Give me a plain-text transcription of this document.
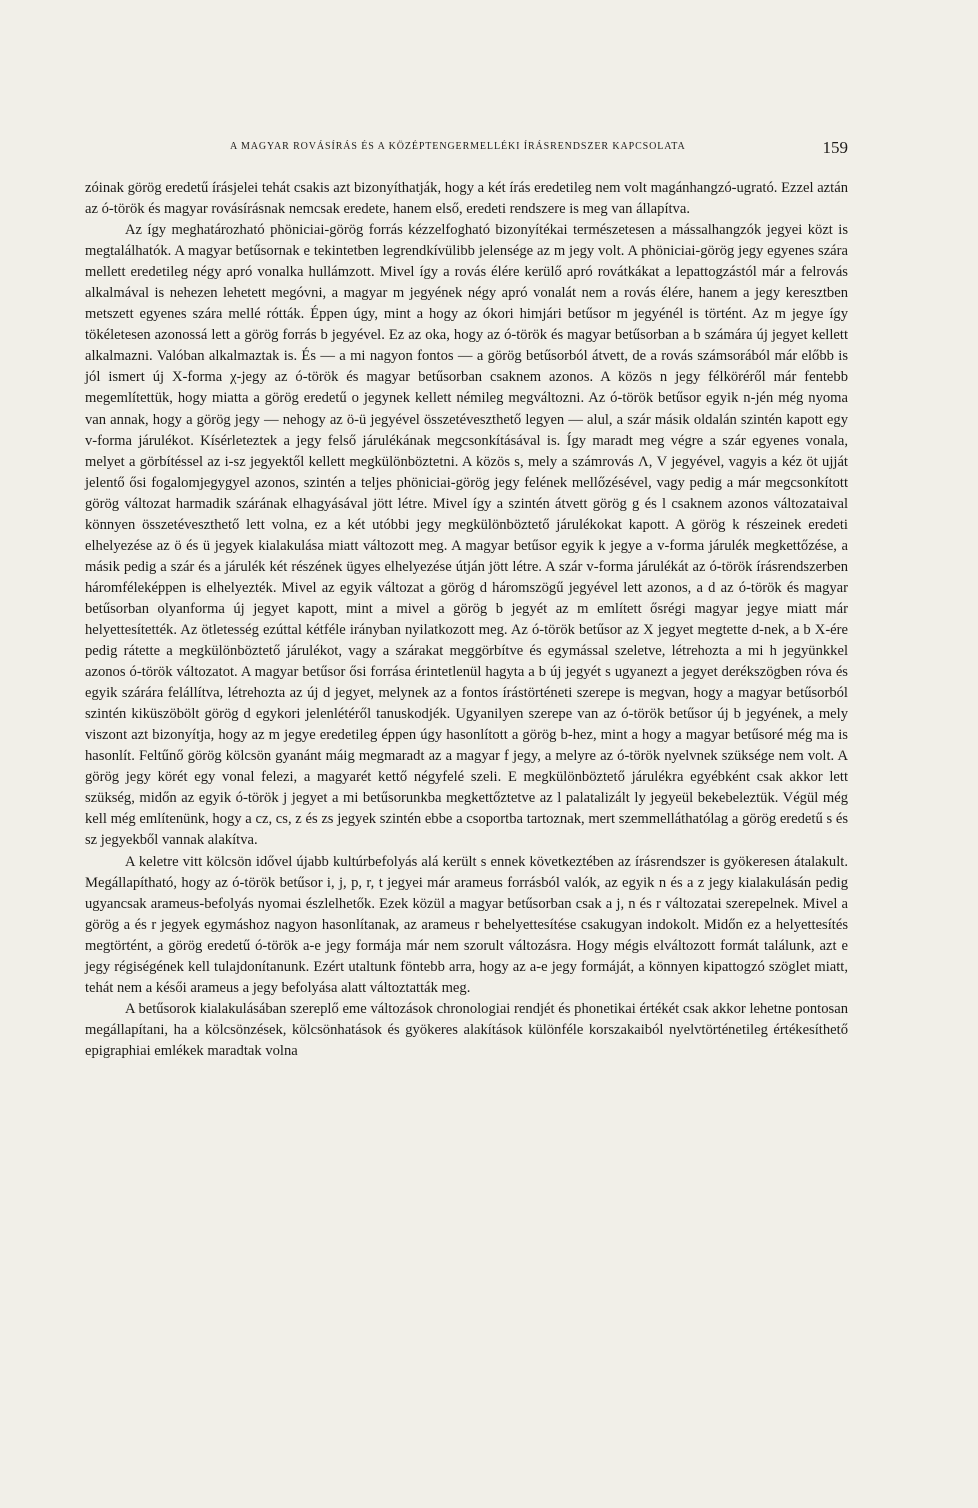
A MAGYAR ROVÁSÍRÁS ÉS A KÖZÉPTENGERMELLÉKI ÍRÁSRENDSZER KAPCSOLATA	159

zóinak görög eredetű írásjelei tehát csakis azt bizonyíthatják, hogy a két írás eredetileg nem volt magánhangzó-ugrató. Ezzel aztán az ó-török és magyar rovásírásnak nemcsak eredete, hanem első, eredeti rendszere is meg van állapítva.

Az így meghatározható phöniciai-görög forrás kézzelfogható bizonyítékai természetesen a mássalhangzók jegyei közt is megtalálhatók. A magyar betűsornak e tekintetben legrendkívülibb jelensége az m jegy volt. A phöniciai-görög jegy egyenes szára mellett eredetileg négy apró vonalka hullámzott. Mivel így a rovás élére kerülő apró rovátkákat a lepattogzástól már a felrovás alkalmával is nehezen lehetett megóvni, a magyar m jegyének négy apró vonalát nem a rovás élére, hanem a jegy keresztben metszett egyenes szára mellé rótták. Éppen úgy, mint a hogy az ókori himjári betűsor m jegyénél is történt. Az m jegye így tökéletesen azonossá lett a görög forrás b jegyével. Ez az oka, hogy az ó-török és magyar betűsorban a b számára új jegyet kellett alkalmazni. Valóban alkalmaztak is. És — a mi nagyon fontos — a görög betűsorból átvett, de a rovás számsorából már előbb is jól ismert új X-forma χ-jegy az ó-török és magyar betűsorban csaknem azonos. A közös n jegy félköréről már fentebb megemlítettük, hogy miatta a görög eredetű o jegynek kellett némileg megváltozni. Az ó-török betűsor egyik n-jén még nyoma van annak, hogy a görög jegy — nehogy az ö-ü jegyével összetéveszthető legyen — alul, a szár másik oldalán szintén kapott egy v-forma járulékot. Kísérleteztek a jegy felső járulékának megcsonkításával is. Így maradt meg végre a szár egyenes vonala, melyet a görbítéssel az i-sz jegyektől kellett megkülönböztetni. A közös s, mely a számrovás Λ, V jegyével, vagyis a kéz öt ujját jelentő ősi fogalomjegygyel azonos, szintén a teljes phöniciai-görög jegy felének mellőzésével, vagy pedig a már megcsonkított görög változat harmadik szárának elhagyásával jött létre. Mivel így a szintén átvett görög g és l csaknem azonos változataival könnyen összetéveszthető lett volna, ez a két utóbbi jegy megkülönböztető járulékokat kapott. A görög k részeinek eredeti elhelyezése az ö és ü jegyek kialakulása miatt változott meg. A magyar betűsor egyik k jegye a v-forma járulék megkettőzése, a másik pedig a szár és a járulék két részének ügyes elhelyezése útján jött létre. A szár v-forma járulékát az ó-török írásrendszerben háromféleképpen is elhelyezték. Mivel az egyik változat a görög d háromszögű jegyével lett azonos, a d az ó-török és magyar betűsorban olyanforma új jegyet kapott, mint a mivel a görög b jegyét az m említett ősrégi magyar jegye miatt már helyettesítették. Az ötletesség ezúttal kétféle irányban nyilatkozott meg. Az ó-török betűsor az X jegyet megtette d-nek, a b X-ére pedig rátette a megkülönböztető járulékot, vagy a szárakat meggörbítve és egymással szeletve, létrehozta a mi h jegyünkkel azonos ó-török változatot. A magyar betűsor ősi forrása érintetlenül hagyta a b új jegyét s ugyanezt a jegyet derékszögben róva és egyik szárára felállítva, létrehozta az új d jegyet, melynek az a fontos írástörténeti szerepe is megvan, hogy a magyar betűsorból szintén kiküszöbölt görög d egykori jelenlétéről tanuskodjék. Ugyanilyen szerepe van az ó-török betűsor új b jegyének, a mely viszont azt bizonyítja, hogy az m jegye eredetileg éppen úgy hasonlított a görög b-hez, mint a hogy a magyar betűsoré még ma is hasonlít. Feltűnő görög kölcsön gyanánt máig megmaradt az a magyar f jegy, a melyre az ó-török nyelvnek szüksége nem volt. A görög jegy körét egy vonal felezi, a magyarét kettő négyfelé szeli. E megkülönböztető járulékra egyébként csak akkor lett szükség, midőn az egyik ó-török j jegyet a mi betűsorunkba megkettőztetve az l palatalizált ly jegyeül bekebeleztük. Végül még kell még említenünk, hogy a cz, cs, z és zs jegyek szintén ebbe a csoportba tartoznak, mert szemmelláthatólag a görög eredetű s és sz jegyekből vannak alakítva.

A keletre vitt kölcsön idővel újabb kultúrbefolyás alá került s ennek következtében az írásrendszer is gyökeresen átalakult. Megállapítható, hogy az ó-török betűsor i, j, p, r, t jegyei már arameus forrásból valók, az egyik n és a z jegy kialakulásán pedig ugyancsak arameus-befolyás nyomai észlelhetők. Ezek közül a magyar betűsorban csak a j, n és r változatai szerepelnek. Mivel a görög a és r jegyek egymáshoz nagyon hasonlítanak, az arameus r behelyettesítése csakugyan indokolt. Midőn ez a helyettesítés megtörtént, a görög eredetű ó-török a-e jegy formája már nem szorult változásra. Hogy mégis elváltozott formát találunk, azt e jegy régiségének kell tulajdonítanunk. Ezért utaltunk föntebb arra, hogy az a-e jegy formáját, a könnyen kipattogzó szöglet miatt, tehát nem a késői arameus a jegy befolyása alatt változtatták meg.

A betűsorok kialakulásában szereplő eme változások chronologiai rendjét és phonetikai értékét csak akkor lehetne pontosan megállapítani, ha a kölcsönzések, kölcsönhatások és gyökeres alakítások különféle korszakaiból nyelvtörténetileg értékesíthető epigraphiai emlékek maradtak volna
